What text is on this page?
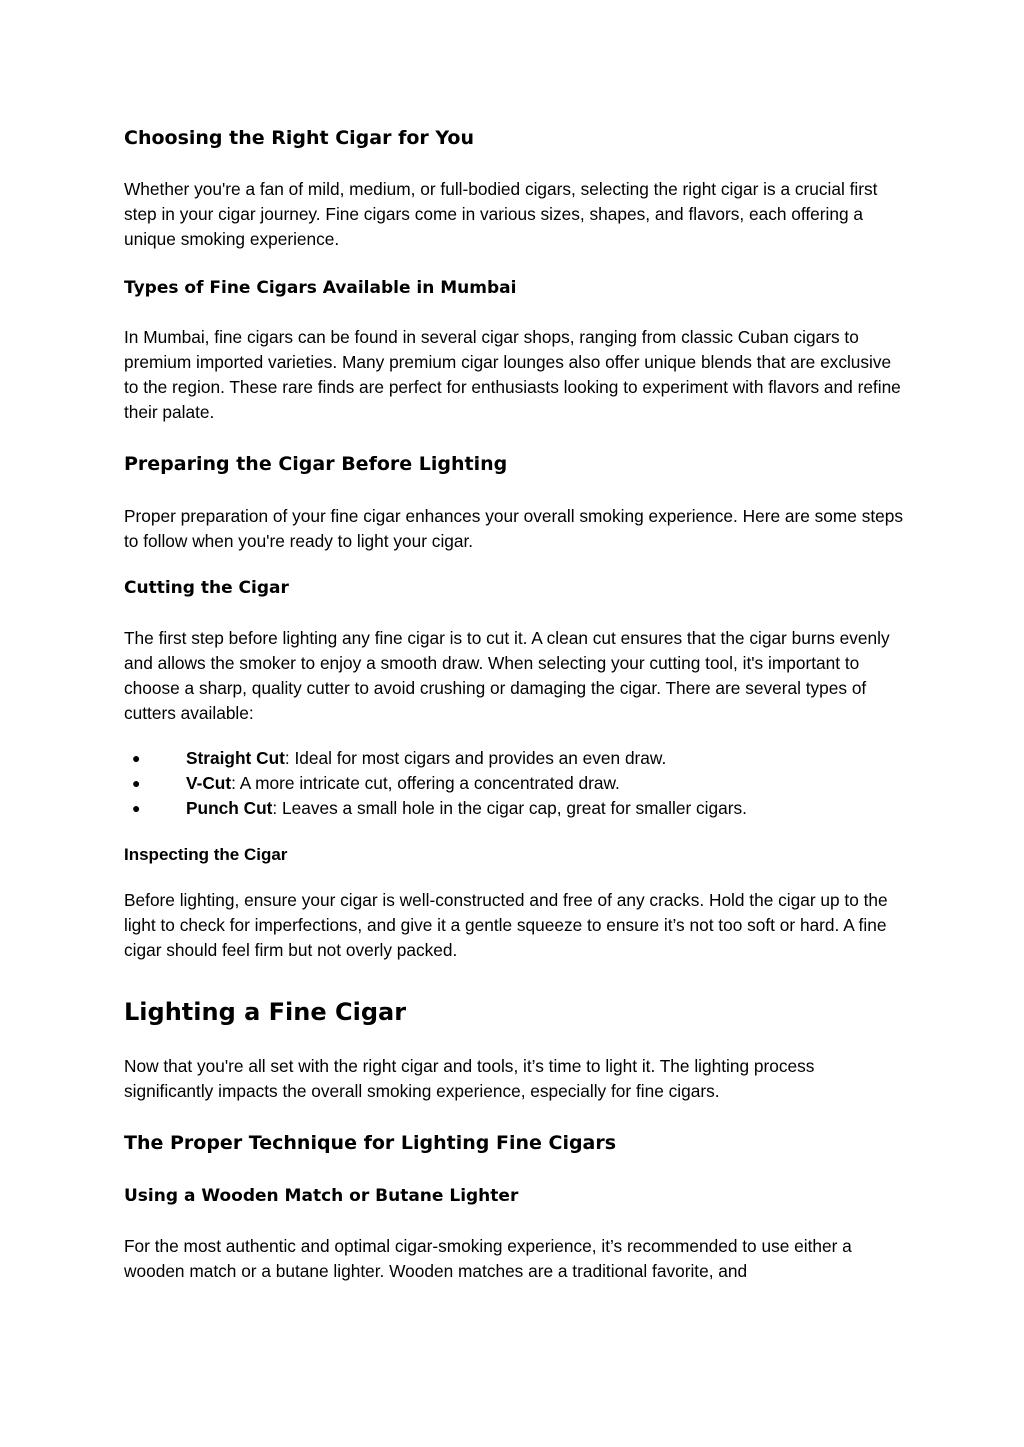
Choosing the Right Cigar for You

Whether you're a fan of mild, medium, or full-bodied cigars, selecting the right cigar is a crucial first step in your cigar journey. Fine cigars come in various sizes, shapes, and flavors, each offering a unique smoking experience.

Types of Fine Cigars Available in Mumbai

In Mumbai, fine cigars can be found in several cigar shops, ranging from classic Cuban cigars to premium imported varieties. Many premium cigar lounges also offer unique blends that are exclusive to the region. These rare finds are perfect for enthusiasts looking to experiment with flavors and refine their palate.

Preparing the Cigar Before Lighting

Proper preparation of your fine cigar enhances your overall smoking experience. Here are some steps to follow when you're ready to light your cigar.

Cutting the Cigar

The first step before lighting any fine cigar is to cut it. A clean cut ensures that the cigar burns evenly and allows the smoker to enjoy a smooth draw. When selecting your cutting tool, it's important to choose a sharp, quality cutter to avoid crushing or damaging the cigar. There are several types of cutters available:

●	Straight Cut: Ideal for most cigars and provides an even draw.
●	V-Cut: A more intricate cut, offering a concentrated draw.
●	Punch Cut: Leaves a small hole in the cigar cap, great for smaller cigars.
Inspecting the Cigar

Before lighting, ensure your cigar is well-constructed and free of any cracks. Hold the cigar up to the light to check for imperfections, and give it a gentle squeeze to ensure it’s not too soft or hard. A fine cigar should feel firm but not overly packed.

Lighting a Fine Cigar

Now that you're all set with the right cigar and tools, it’s time to light it. The lighting process significantly impacts the overall smoking experience, especially for fine cigars.

The Proper Technique for Lighting Fine Cigars
Using a Wooden Match or Butane Lighter

For the most authentic and optimal cigar-smoking experience, it’s recommended to use either a wooden match or a butane lighter. Wooden matches are a traditional favorite, and
